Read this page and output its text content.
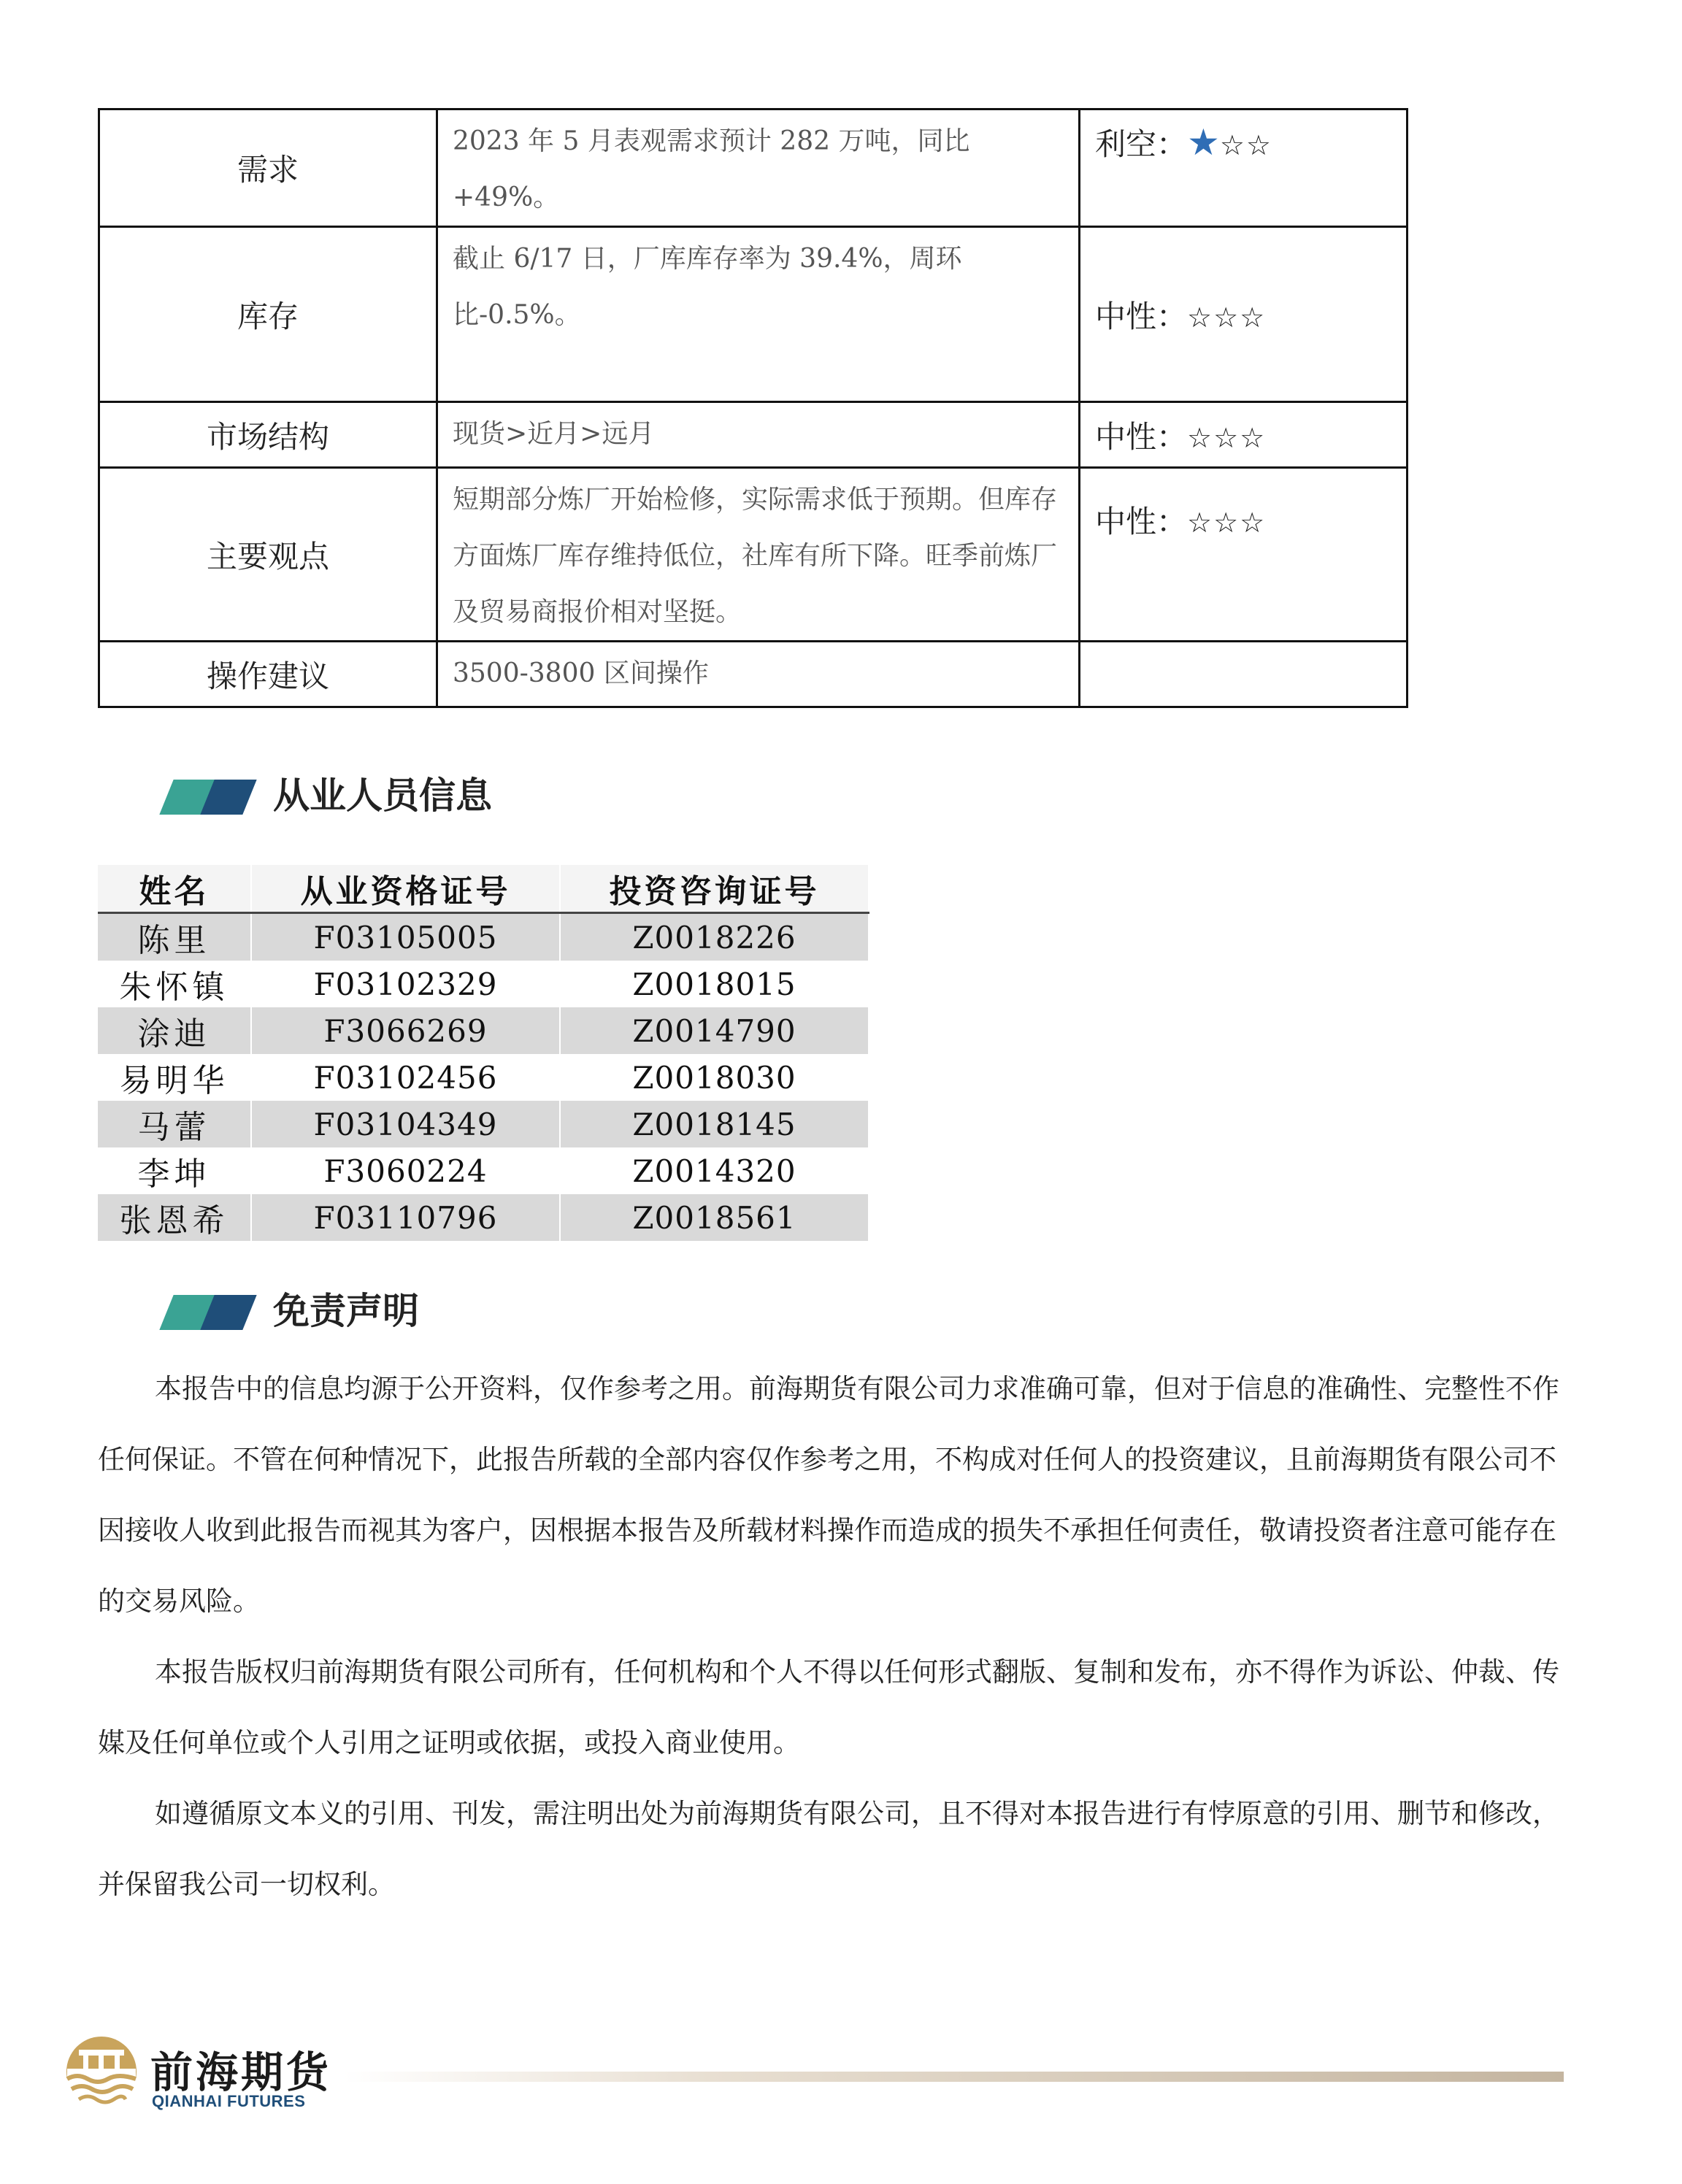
需求	2023 年 5 月表观需求预计 282 万吨，同比+49%。	利空：★☆☆
库存	截止 6/17 日，厂库库存率为 39.4%，周环比-0.5%。	中性：☆☆☆
市场结构	现货>近月>远月	中性：☆☆☆
主要观点	短期部分炼厂开始检修，实际需求低于预期。但库存方面炼厂库存维持低位，社库有所下降。旺季前炼厂及贸易商报价相对坚挺。	中性：☆☆☆
操作建议	3500-3800 区间操作	
从业人员信息
姓名	从业资格证号	投资咨询证号
陈里	F03105005	Z0018226
朱怀镇	F03102329	Z0018015
涂迪	F3066269	Z0014790
易明华	F03102456	Z0018030
马蕾	F03104349	Z0018145
李坤	F3060224	Z0014320
张恩希	F03110796	Z0018561
免责声明

本报告中的信息均源于公开资料，仅作参考之用。前海期货有限公司力求准确可靠，但对于信息的准确性、完整性不作任何保证。不管在何种情况下，此报告所载的全部内容仅作参考之用，不构成对任何人的投资建议，且前海期货有限公司不因接收人收到此报告而视其为客户，因根据本报告及所载材料操作而造成的损失不承担任何责任，敬请投资者注意可能存在的交易风险。

本报告版权归前海期货有限公司所有，任何机构和个人不得以任何形式翻版、复制和发布，亦不得作为诉讼、仲裁、传媒及任何单位或个人引用之证明或依据，或投入商业使用。

如遵循原文本义的引用、刊发，需注明出处为前海期货有限公司，且不得对本报告进行有悖原意的引用、删节和修改，并保留我公司一切权利。

前海期货
QIANHAI FUTURES
